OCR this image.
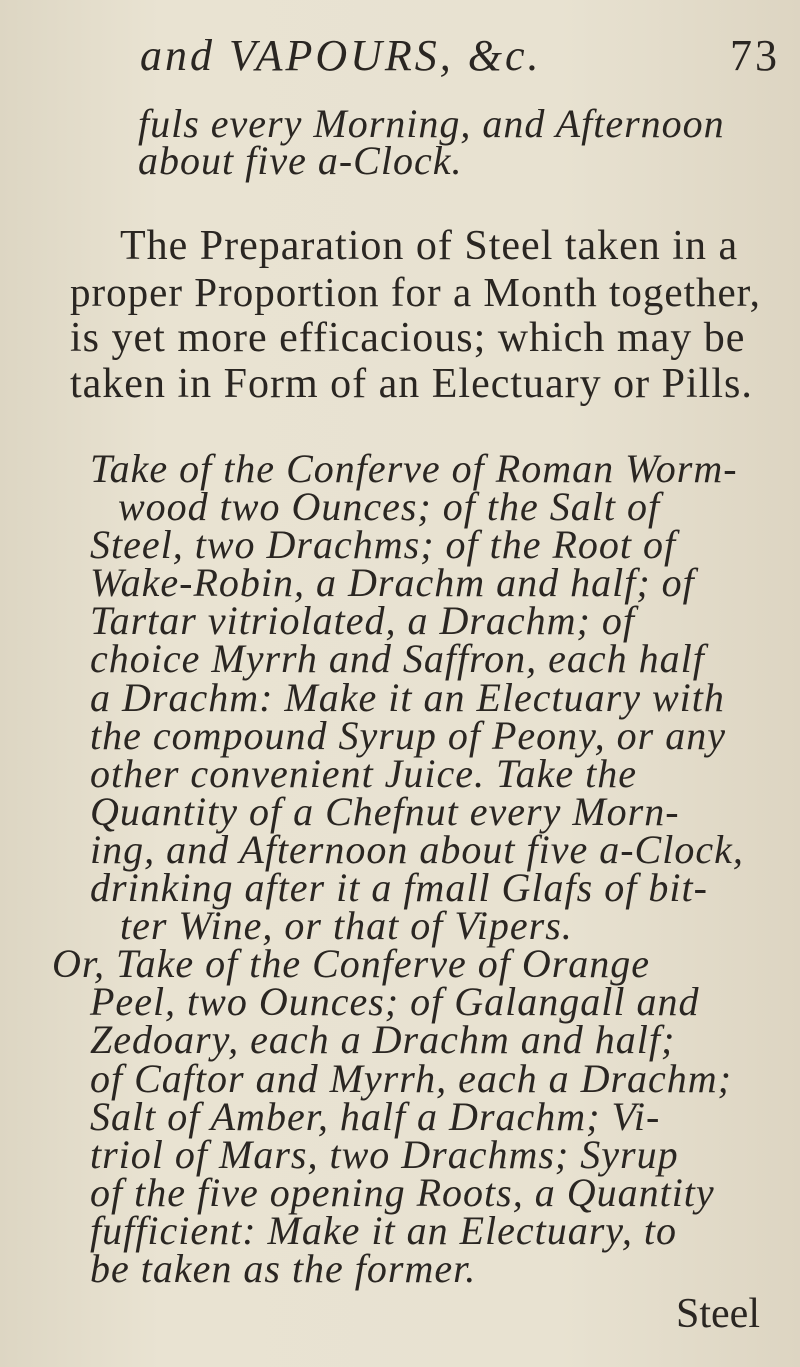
and VAPOURS, &c.	73
fuls every Morning, and Afternoon
about five a-Clock.
The Preparation of Steel taken in a
proper Proportion for a Month together,
is yet more efficacious; which may be
taken in Form of an Electuary or Pills.
Take of the Conferve of Roman Worm-
wood two Ounces; of the Salt of
Steel, two Drachms; of the Root of
Wake-Robin, a Drachm and half; of
Tartar vitriolated, a Drachm; of
choice Myrrh and Saffron, each half
a Drachm: Make it an Electuary with
the compound Syrup of Peony, or any
other convenient Juice. Take the
Quantity of a Chefnut every Morn-
ing, and Afternoon about five a-Clock,
drinking after it a fmall Glafs of bit-
ter Wine, or that of Vipers.
Or, Take of the Conferve of Orange
Peel, two Ounces; of Galangall and
Zedoary, each a Drachm and half;
of Caftor and Myrrh, each a Drachm;
Salt of Amber, half a Drachm; Vi-
triol of Mars, two Drachms; Syrup
of the five opening Roots, a Quantity
fufficient: Make it an Electuary, to
be taken as the former.
Steel
